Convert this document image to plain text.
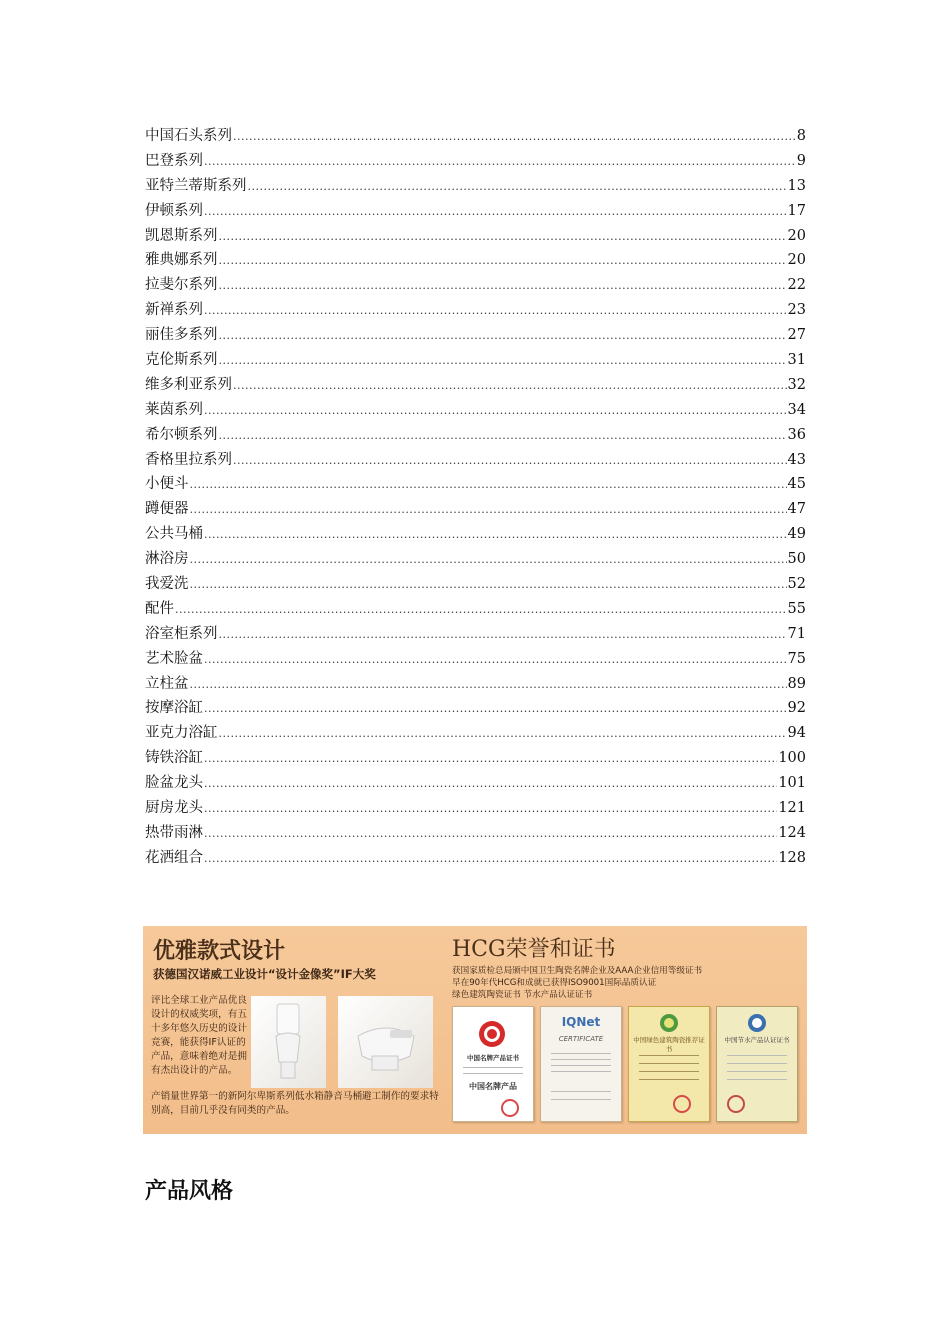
中国石头系列 .....	8
巴登系列 .....	9
亚特兰蒂斯系列 .....	13
伊顿系列 .....	17
凯恩斯系列 .....	20
雅典娜系列 .....	20
拉斐尔系列 .....	22
新禅系列 .....	23
丽佳多系列 .....	27
克伦斯系列 .....	31
维多利亚系列 .....	32
莱茵系列 .....	34
希尔顿系列 .....	36
香格里拉系列 .....	43
小便斗 .....	45
蹲便器 .....	47
公共马桶 .....	49
淋浴房 .....	50
我爱洗 .....	52
配件 .....	55
浴室柜系列 .....	71
艺术脸盆 .....	75
立柱盆 .....	89
按摩浴缸 .....	92
亚克力浴缸 .....	94
铸铁浴缸 .....	100
脸盆龙头 .....	101
厨房龙头 .....	121
热带雨淋 .....	124
花洒组合 .....	128
优雅款式设计
获德国汉诺威工业设计“设计金像奖”IF大奖
评比全球工业产品优良设计的权威奖项，有五十多年悠久历史的设计竞赛，能获得IF认证的产品，意味着绝对是拥有杰出设计的产品。
产销量世界第一的新阿尔卑斯系列低水箱静音马桶避工制作的要求特别高，目前几乎没有同类的产品。
HCG荣誉和证书
获国家质检总局颁中国卫生陶瓷名牌企业及AAA企业信用等级证书
早在90年代HCG和成就已获得ISO9001国际品质认证
绿色建筑陶瓷证书 节水产品认证证书
中国名牌产品证书
中国名牌产品
IQNet
CERTIFICATE	中国绿色建筑陶瓷推荐证书
中国节水产品认证证书
产品风格
